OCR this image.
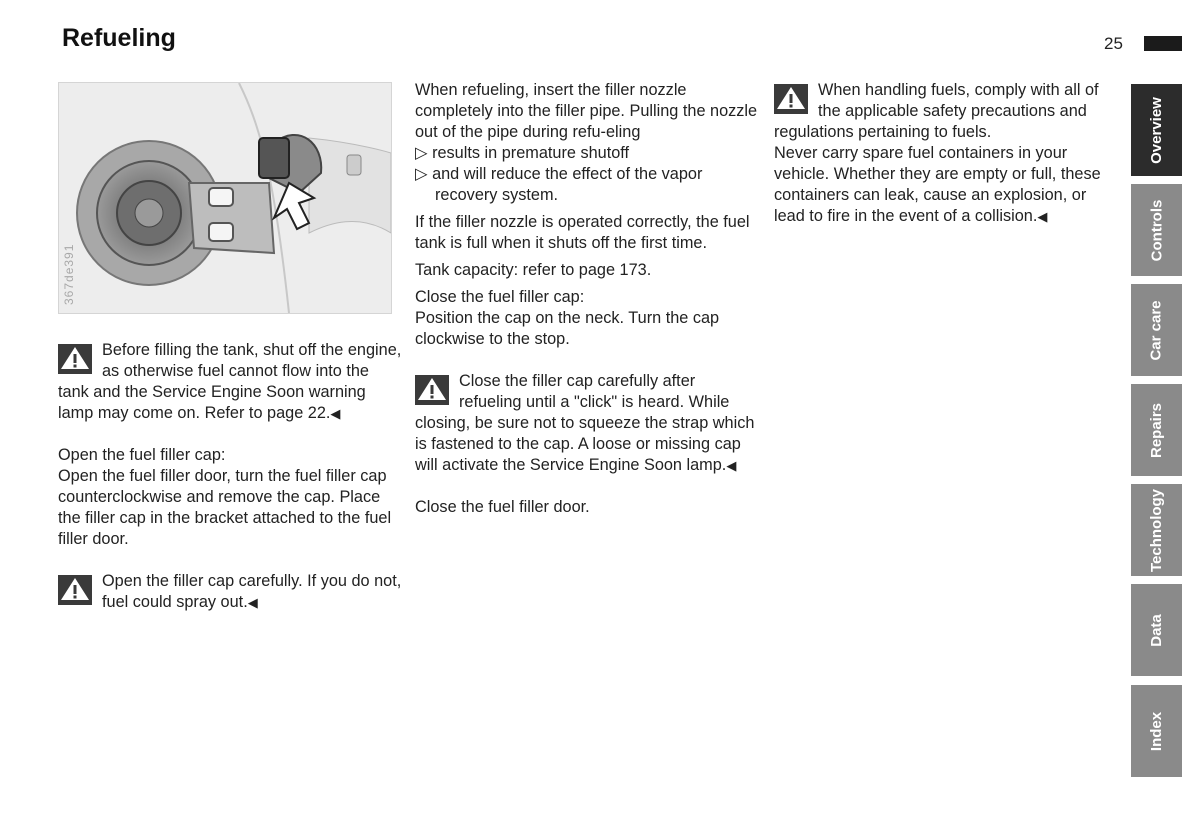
Refueling	25
367de391

Before filling the tank, shut off the engine, as otherwise fuel cannot flow into the tank and the Service Engine Soon warning lamp may come on. Refer to page 22.◀

Open the fuel filler cap:

Open the fuel filler door, turn the fuel filler cap counterclockwise and remove the cap. Place the filler cap in the bracket attached to the fuel filler door.

Open the filler cap carefully. If you do not, fuel could spray out.◀

When refueling, insert the filler nozzle completely into the filler pipe. Pulling the nozzle out of the pipe during refu-eling

▷ results in premature shutoff

▷ and will reduce the effect of the vapor recovery system.

If the filler nozzle is operated correctly, the fuel tank is full when it shuts off the first time.

Tank capacity: refer to page 173.

Close the fuel filler cap:

Position the cap on the neck. Turn the cap clockwise to the stop.

Close the filler cap carefully after refueling until a "click" is heard. While closing, be sure not to squeeze the strap which is fastened to the cap. A loose or missing cap will activate the Service Engine Soon lamp.◀

Close the fuel filler door.

When handling fuels, comply with all of the applicable safety precautions and regulations pertaining to fuels.

Never carry spare fuel containers in your vehicle. Whether they are empty or full, these containers can leak, cause an explosion, or lead to fire in the event of a collision.◀

Overview
Controls
Car care
Repairs
Technology
Data
Index
